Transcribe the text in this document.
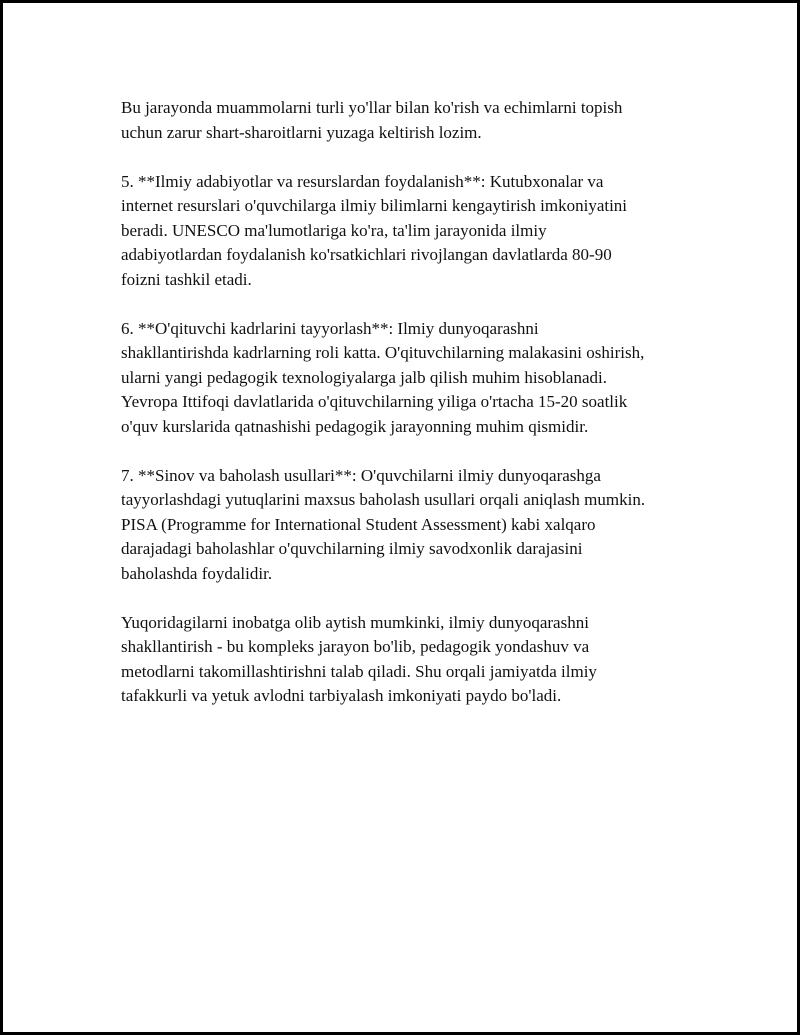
Bu jarayonda muammolarni turli yo'llar bilan ko'rish va echimlarni topish
uchun zarur shart-sharoitlarni yuzaga keltirish lozim.

5. **Ilmiy adabiyotlar va resurslardan foydalanish**: Kutubxonalar va
internet resurslari o'quvchilarga ilmiy bilimlarni kengaytirish imkoniyatini
beradi. UNESCO ma'lumotlariga ko'ra, ta'lim jarayonida ilmiy
adabiyotlardan foydalanish ko'rsatkichlari rivojlangan davlatlarda 80-90
foizni tashkil etadi.

6. **O'qituvchi kadrlarini tayyorlash**: Ilmiy dunyoqarashni
shakllantirishda kadrlarning roli katta. O'qituvchilarning malakasini oshirish,
ularni yangi pedagogik texnologiyalarga jalb qilish muhim hisoblanadi.
Yevropa Ittifoqi davlatlarida o'qituvchilarning yiliga o'rtacha 15-20 soatlik
o'quv kurslarida qatnashishi pedagogik jarayonning muhim qismidir.

7. **Sinov va baholash usullari**: O'quvchilarni ilmiy dunyoqarashga
tayyorlashdagi yutuqlarini maxsus baholash usullari orqali aniqlash mumkin.
PISA (Programme for International Student Assessment) kabi xalqaro
darajadagi baholashlar o'quvchilarning ilmiy savodxonlik darajasini
baholashda foydalidir.

Yuqoridagilarni inobatga olib aytish mumkinki, ilmiy dunyoqarashni
shakllantirish - bu kompleks jarayon bo'lib, pedagogik yondashuv va
metodlarni takomillashtirishni talab qiladi. Shu orqali jamiyatda ilmiy
tafakkurli va yetuk avlodni tarbiyalash imkoniyati paydo bo'ladi.
